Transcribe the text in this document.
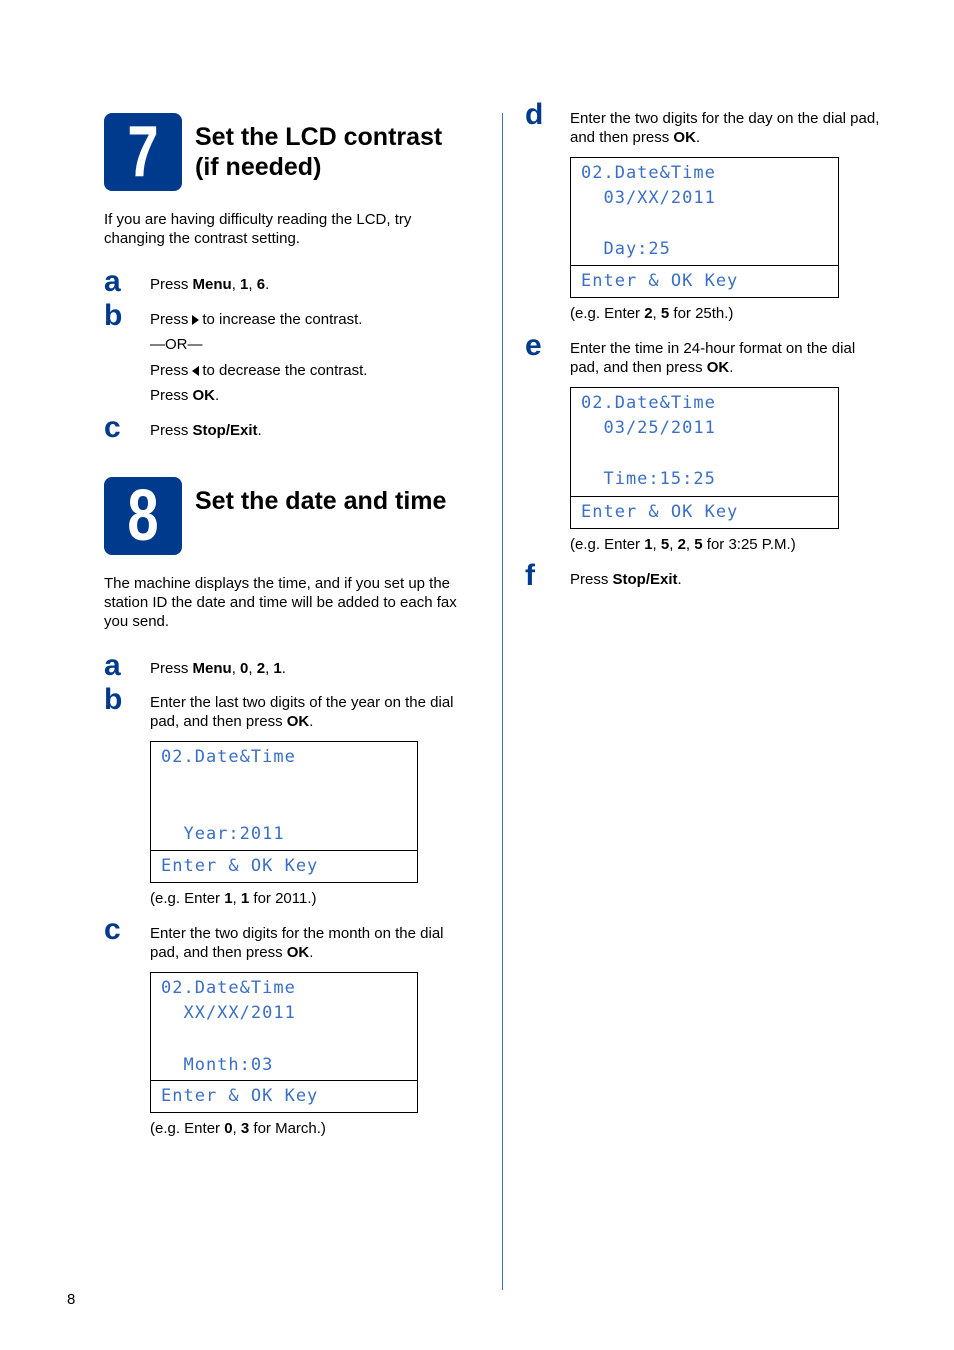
7	Set the LCD contrast
(if needed)
If you are having difficulty reading the LCD, try
changing the contrast setting.
a Press Menu, 1, 6.
b Press to increase the contrast.
—OR—
Press to decrease the contrast.
Press OK.
c Press Stop/Exit.
8	Set the date and time
The machine displays the time, and if you set up the
station ID the date and time will be added to each fax
you send.
a Press Menu, 0, 2, 1.
b Enter the last two digits of the year on the dial
pad, and then press OK.
02.Date&Time
Year:2011
Enter & OK Key
(e.g. Enter 1, 1 for 2011.)
c Enter the two digits for the month on the dial
pad, and then press OK.
02.Date&Time
XX/XX/2011
Month:03
Enter & OK Key
(e.g. Enter 0, 3 for March.)
d Enter the two digits for the day on the dial pad,
and then press OK.
02.Date&Time
03/XX/2011
Day:25
Enter & OK Key
(e.g. Enter 2, 5 for 25th.)
e Enter the time in 24-hour format on the dial
pad, and then press OK.
02.Date&Time
03/25/2011
Time:15:25
Enter & OK Key
(e.g. Enter 1, 5, 2, 5 for 3:25 P.M.)
f Press Stop/Exit.
8
